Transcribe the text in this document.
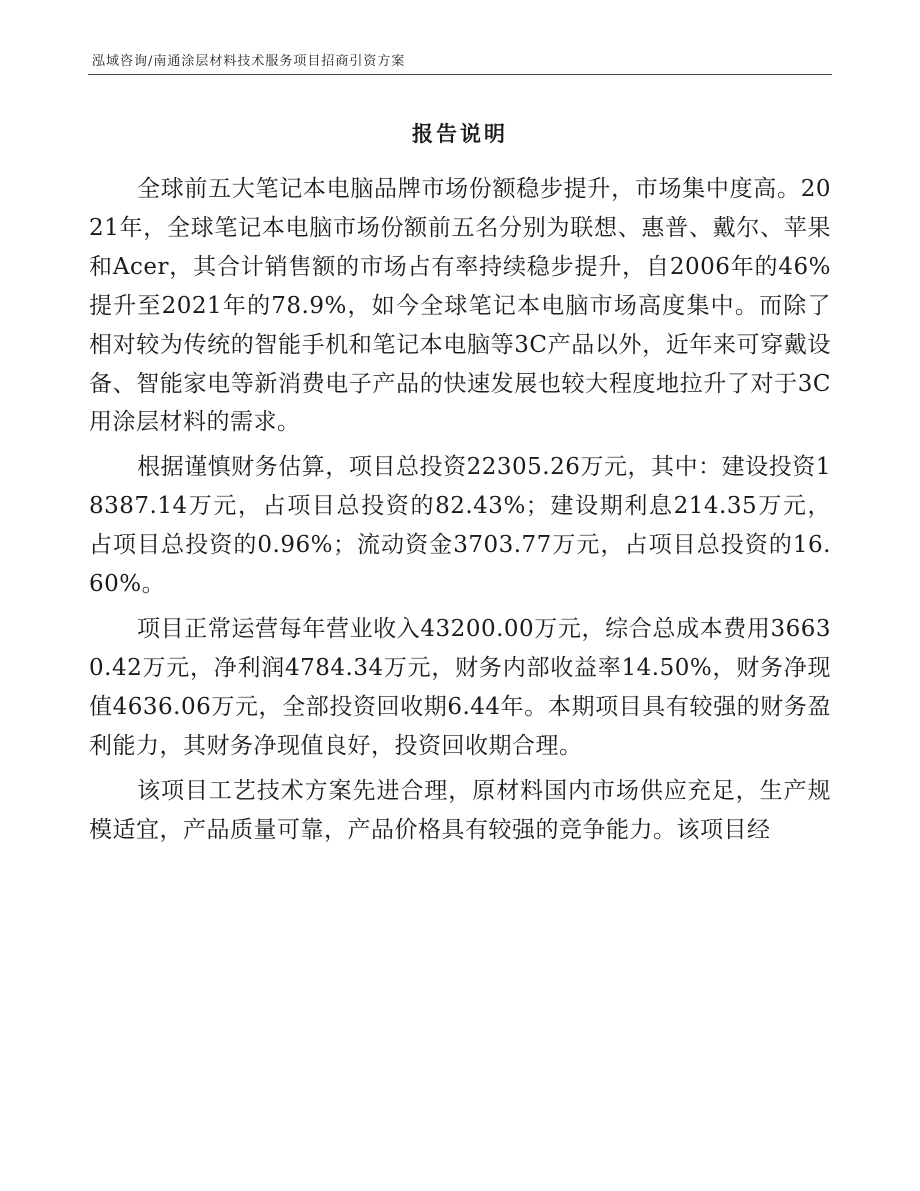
泓域咨询/南通涂层材料技术服务项目招商引资方案
报告说明

全球前五大笔记本电脑品牌市场份额稳步提升，市场集中度高。2021年，全球笔记本电脑市场份额前五名分别为联想、惠普、戴尔、苹果和Acer，其合计销售额的市场占有率持续稳步提升，自2006年的46%提升至2021年的78.9%，如今全球笔记本电脑市场高度集中。而除了相对较为传统的智能手机和笔记本电脑等3C产品以外，近年来可穿戴设备、智能家电等新消费电子产品的快速发展也较大程度地拉升了对于3C用涂层材料的需求。

根据谨慎财务估算，项目总投资22305.26万元，其中：建设投资18387.14万元，占项目总投资的82.43%；建设期利息214.35万元，占项目总投资的0.96%；流动资金3703.77万元，占项目总投资的16.60%。

项目正常运营每年营业收入43200.00万元，综合总成本费用36630.42万元，净利润4784.34万元，财务内部收益率14.50%，财务净现值4636.06万元，全部投资回收期6.44年。本期项目具有较强的财务盈利能力，其财务净现值良好，投资回收期合理。

该项目工艺技术方案先进合理，原材料国内市场供应充足，生产规模适宜，产品质量可靠，产品价格具有较强的竞争能力。该项目经
